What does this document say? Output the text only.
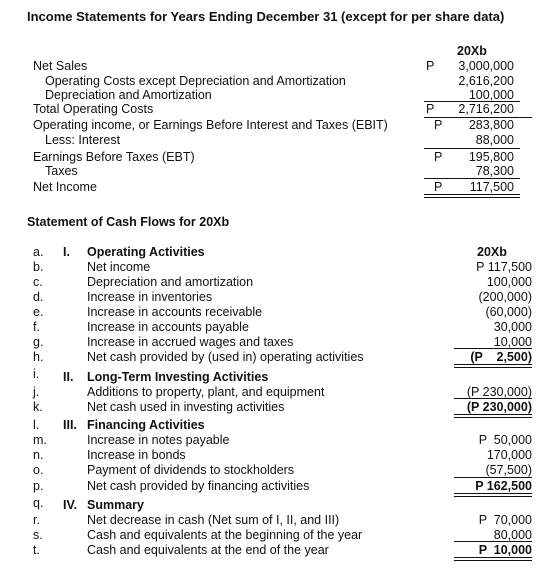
Income Statements for Years Ending December 31 (except for per share data)
20Xb
Net Sales
Operating Costs except Depreciation and Amortization
Depreciation and Amortization
Total Operating Costs
Operating income, or Earnings Before Interest and Taxes (EBIT)
Less: Interest
Earnings Before Taxes (EBT)
Taxes
Net Income
P
P
P
P
P
3,000,000
2,616,200
100,000
2,716,200
283,800
88,000
195,800
78,300
117,500
Statement of Cash Flows for 20Xb
20Xb
a.
b.
c.
d.
e.
f.
g.
h.
i.
j.
k.
l.
m.
n.
o.
p.
q.
r.
s.
t.
I. Operating Activities
II. Long-Term Investing Activities
III. Financing Activities
IV. Summary
Net income
Depreciation and amortization
Increase in inventories
Increase in accounts receivable
Increase in accounts payable
Increase in accrued wages and taxes
Net cash provided by (used in) operating activities
Additions to property, plant, and equipment
Net cash used in investing activities
Increase in notes payable
Increase in bonds
Payment of dividends to stockholders
Net cash provided by financing activities
Net decrease in cash (Net sum of I, II, and III)
Cash and equivalents at the beginning of the year
Cash and equivalents at the end of the year
P 117,500
100,000
(200,000)
(60,000)
30,000
10,000
(P    2,500)
(P 230,000)
(P 230,000)
P  50,000
170,000
(57,500)
P 162,500
P  70,000
80,000
P  10,000
